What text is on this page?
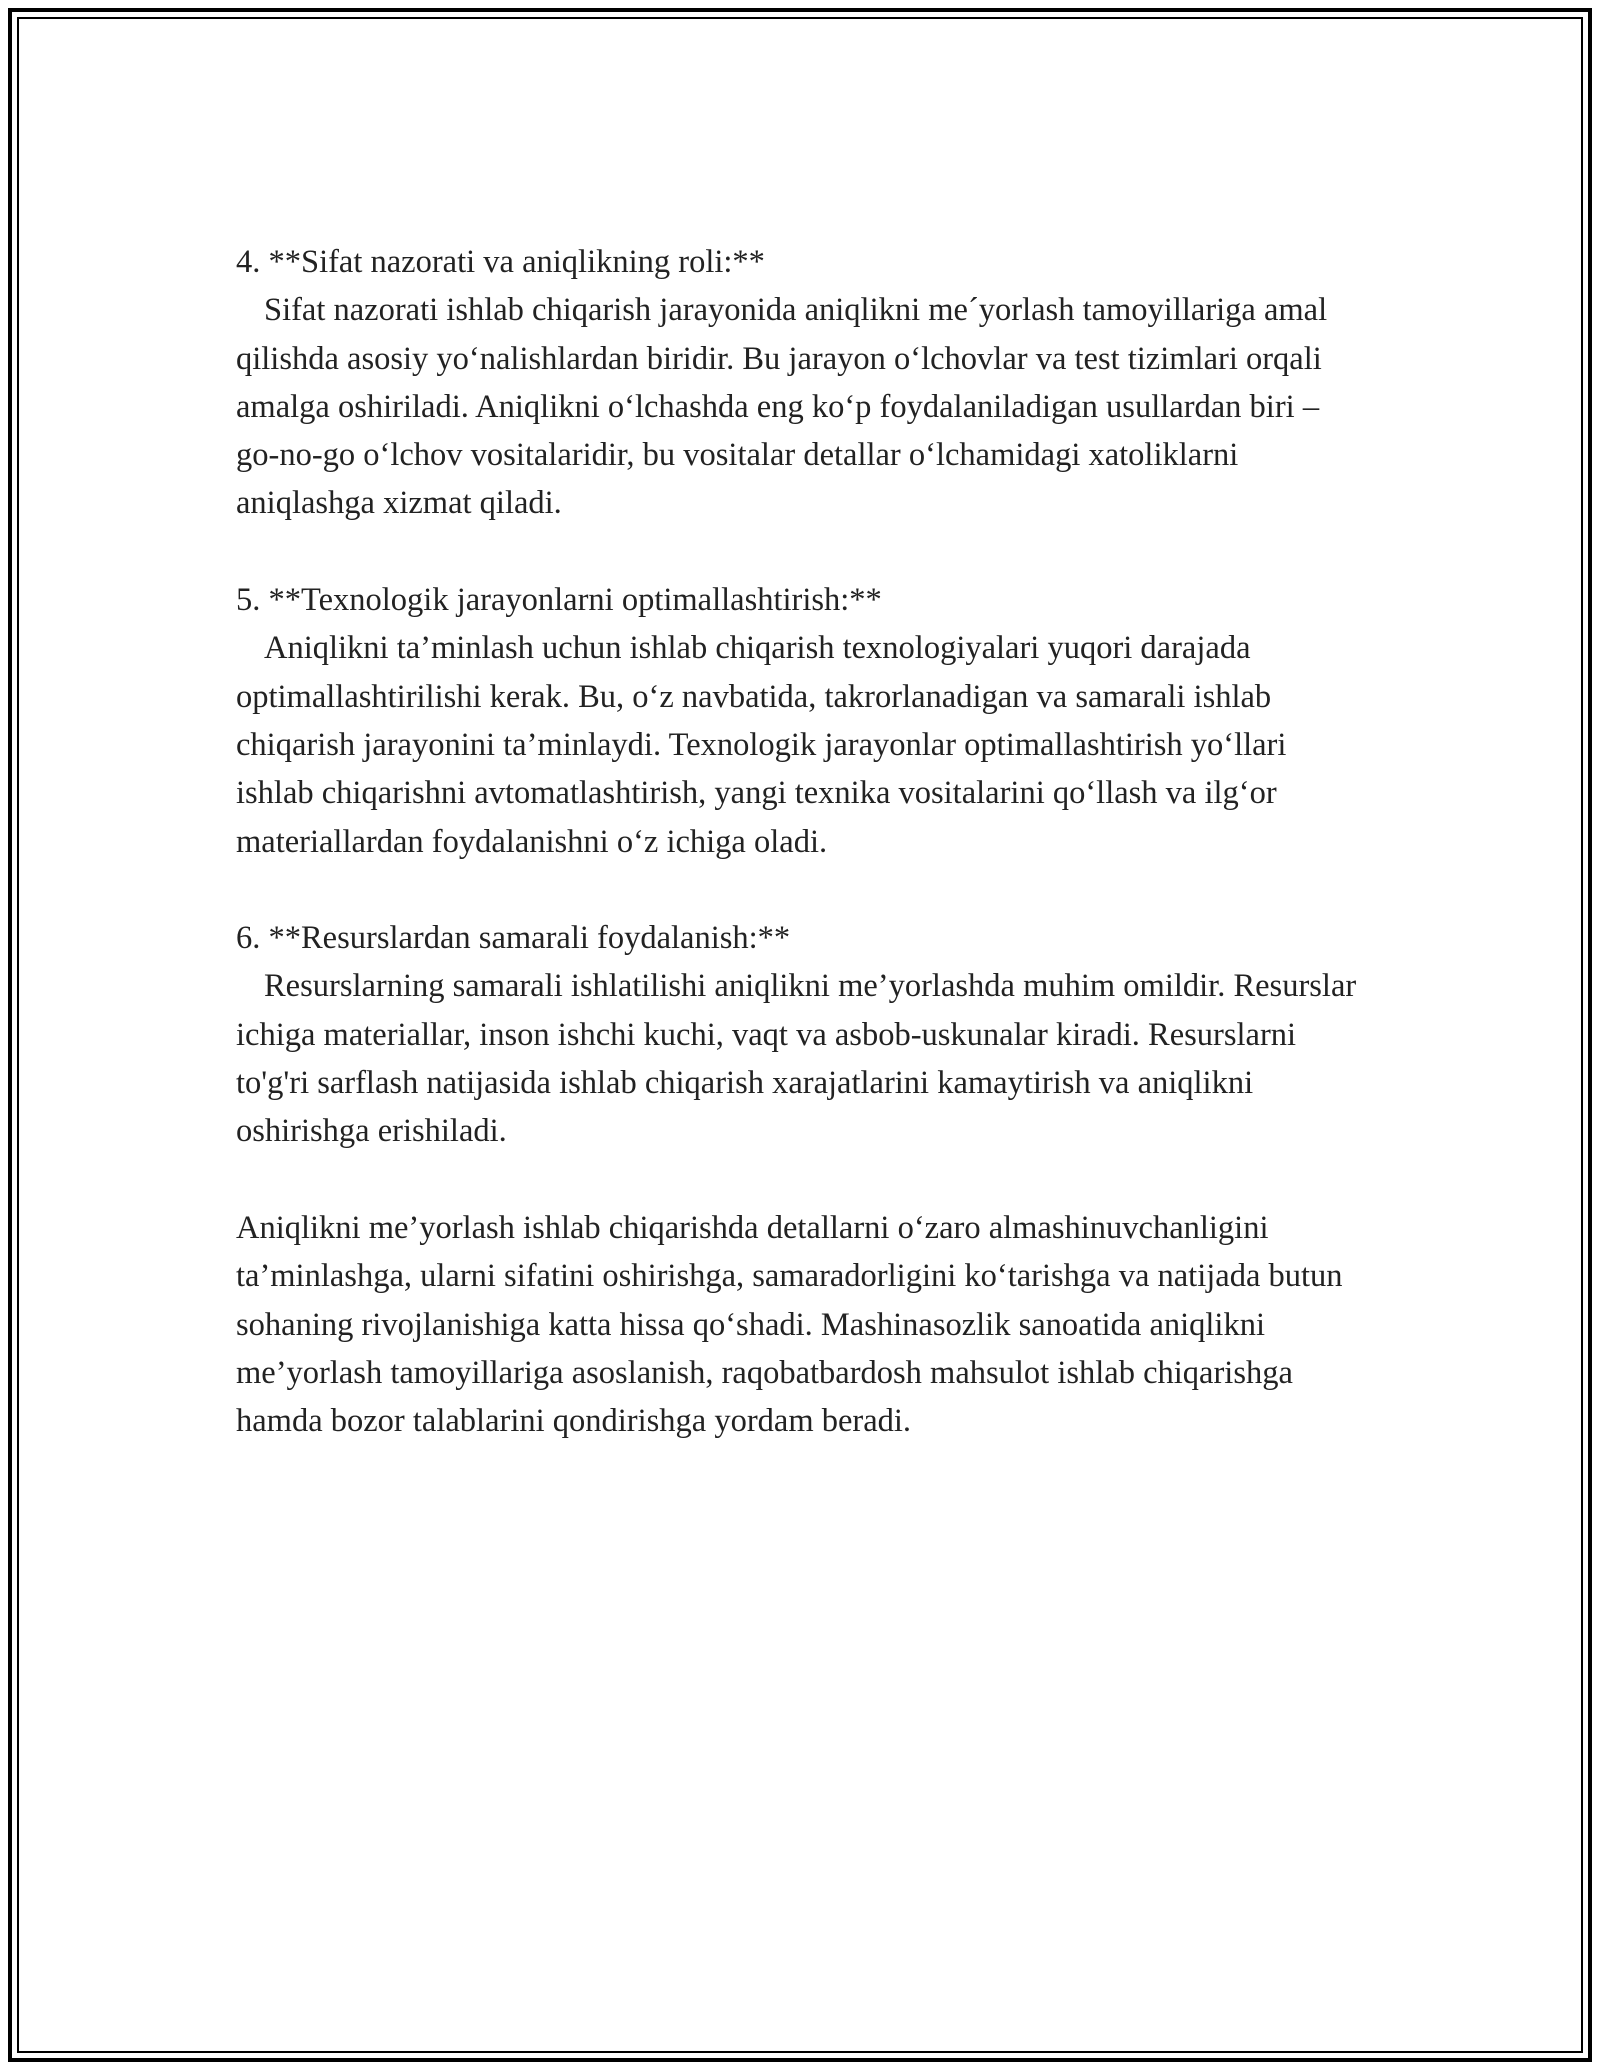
4. **Sifat nazorati va aniqlikning roli:**

Sifat nazorati ishlab chiqarish jarayonida aniqlikni meˊyorlash tamoyillariga amal qilishda asosiy yo‘nalishlardan biridir. Bu jarayon o‘lchovlar va test tizimlari orqali amalga oshiriladi. Aniqlikni o‘lchashda eng ko‘p foydalaniladigan usullardan biri – go-no-go o‘lchov vositalaridir, bu vositalar detallar o‘lchamidagi xatoliklarni aniqlashga xizmat qiladi.

5. **Texnologik jarayonlarni optimallashtirish:**

Aniqlikni ta’minlash uchun ishlab chiqarish texnologiyalari yuqori darajada optimallashtirilishi kerak. Bu, o‘z navbatida, takrorlanadigan va samarali ishlab chiqarish jarayonini ta’minlaydi. Texnologik jarayonlar optimallashtirish yo‘llari ishlab chiqarishni avtomatlashtirish, yangi texnika vositalarini qo‘llash va ilg‘or materiallardan foydalanishni o‘z ichiga oladi.

6. **Resurslardan samarali foydalanish:**

Resurslarning samarali ishlatilishi aniqlikni me’yorlashda muhim omildir. Resurslar ichiga materiallar, inson ishchi kuchi, vaqt va asbob-uskunalar kiradi. Resurslarni to'g'ri sarflash natijasida ishlab chiqarish xarajatlarini kamaytirish va aniqlikni oshirishga erishiladi.

Aniqlikni me’yorlash ishlab chiqarishda detallarni o‘zaro almashinuvchanligini ta’minlashga, ularni sifatini oshirishga, samaradorligini ko‘tarishga va natijada butun sohaning rivojlanishiga katta hissa qo‘shadi. Mashinasozlik sanoatida aniqlikni me’yorlash tamoyillariga asoslanish, raqobatbardosh mahsulot ishlab chiqarishga hamda bozor talablarini qondirishga yordam beradi.
